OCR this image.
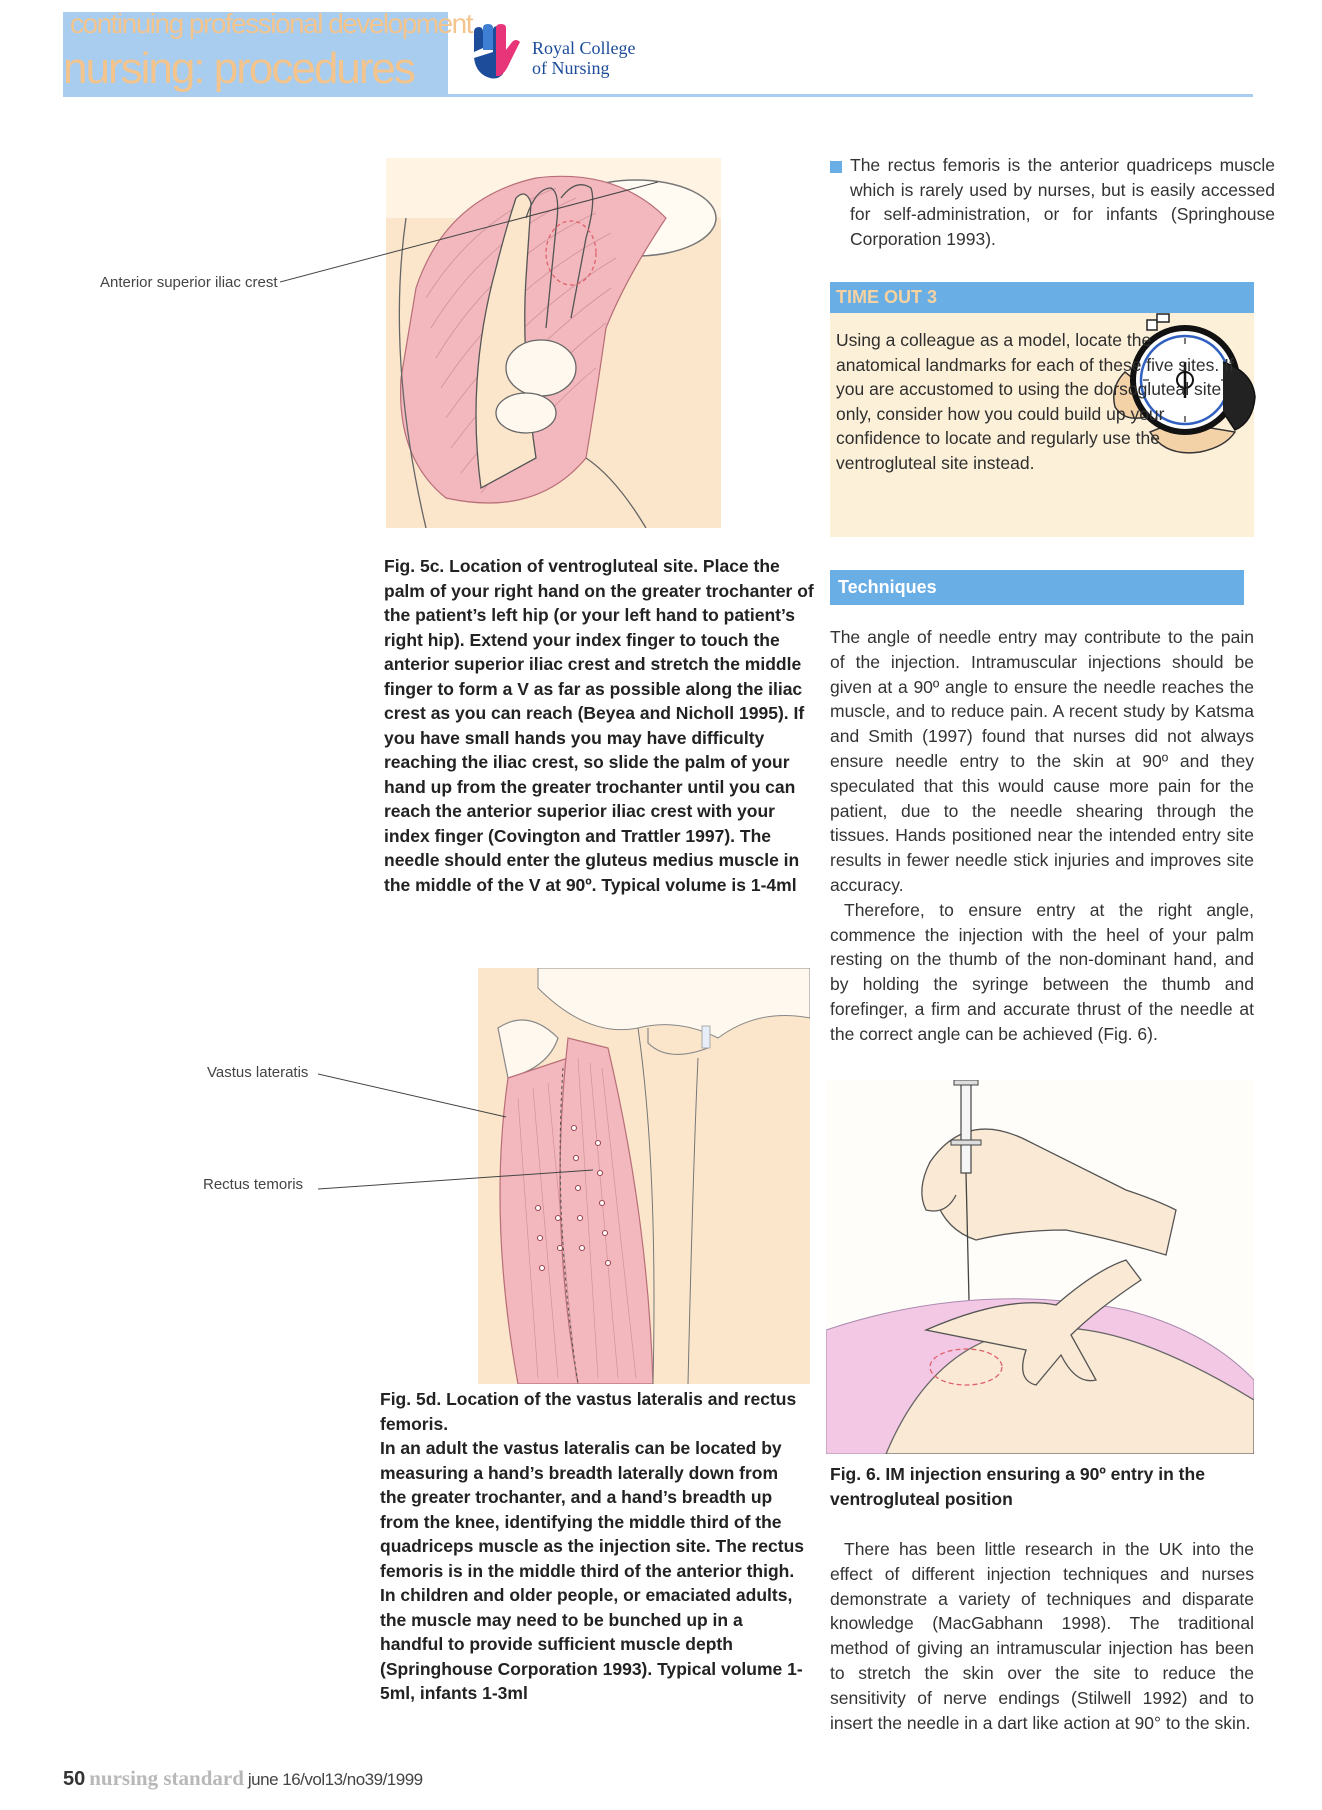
continuing professional development
nursing: procedures	Royal College
of Nursing
Anterior superior iliac crest
Fig. 5c. Location of ventrogluteal site. Place the palm of your right hand on the greater trochanter of the patient’s left hip (or your left hand to patient’s right hip). Extend your index finger to touch the anterior superior iliac crest and stretch the middle finger to form a V as far as possible along the iliac crest as you can reach (Beyea and Nicholl 1995). If you have small hands you may have difficulty reaching the iliac crest, so slide the palm of your hand up from the greater trochanter until you can reach the anterior superior iliac crest with your index finger (Covington and Trattler 1997). The needle should enter the gluteus medius muscle in the middle of the V at 90º. Typical volume is 1-4ml
Vastus lateratis
Rectus temoris
Fig. 5d. Location of the vastus lateralis and rectus femoris.
In an adult the vastus lateralis can be located by measuring a hand’s breadth laterally down from the greater trochanter, and a hand’s breadth up from the knee, identifying the middle third of the quadriceps muscle as the injection site. The rectus femoris is in the middle third of the anterior thigh. In children and older people, or emaciated adults, the muscle may need to be bunched up in a handful to provide sufficient muscle depth (Springhouse Corporation 1993). Typical volume 1-5ml, infants 1-3ml
The rectus femoris is the anterior quadriceps muscle which is rarely used by nurses, but is easily accessed for self-administration, or for infants (Springhouse Corporation 1993).
TIME OUT 3
Using a colleague as a model, locate the anatomical landmarks for each of these five sites. If you are accustomed to using the dorsogluteal site only, consider how you could build up your confidence to locate and regularly use the ventrogluteal site instead.
Techniques

The angle of needle entry may contribute to the pain of the injection. Intramuscular injections should be given at a 90º angle to ensure the needle reaches the muscle, and to reduce pain. A recent study by Katsma and Smith (1997) found that nurses did not always ensure needle entry to the skin at 90º and they speculated that this would cause more pain for the patient, due to the needle shearing through the tissues. Hands positioned near the intended entry site results in fewer needle stick injuries and improves site accuracy.

Therefore, to ensure entry at the right angle, commence the injection with the heel of your palm resting on the thumb of the non-dominant hand, and by holding the syringe between the thumb and forefinger, a firm and accurate thrust of the needle at the correct angle can be achieved (Fig. 6).

Fig. 6. IM injection ensuring a 90º entry in the ventrogluteal position
There has been little research in the UK into the effect of different injection techniques and nurses demonstrate a variety of techniques and disparate knowledge (MacGabhann 1998). The traditional method of giving an intramuscular injection has been to stretch the skin over the site to reduce the sensitivity of nerve endings (Stilwell 1992) and to insert the needle in a dart like action at 90° to the skin.
50 nursing standard june 16/vol13/no39/1999
